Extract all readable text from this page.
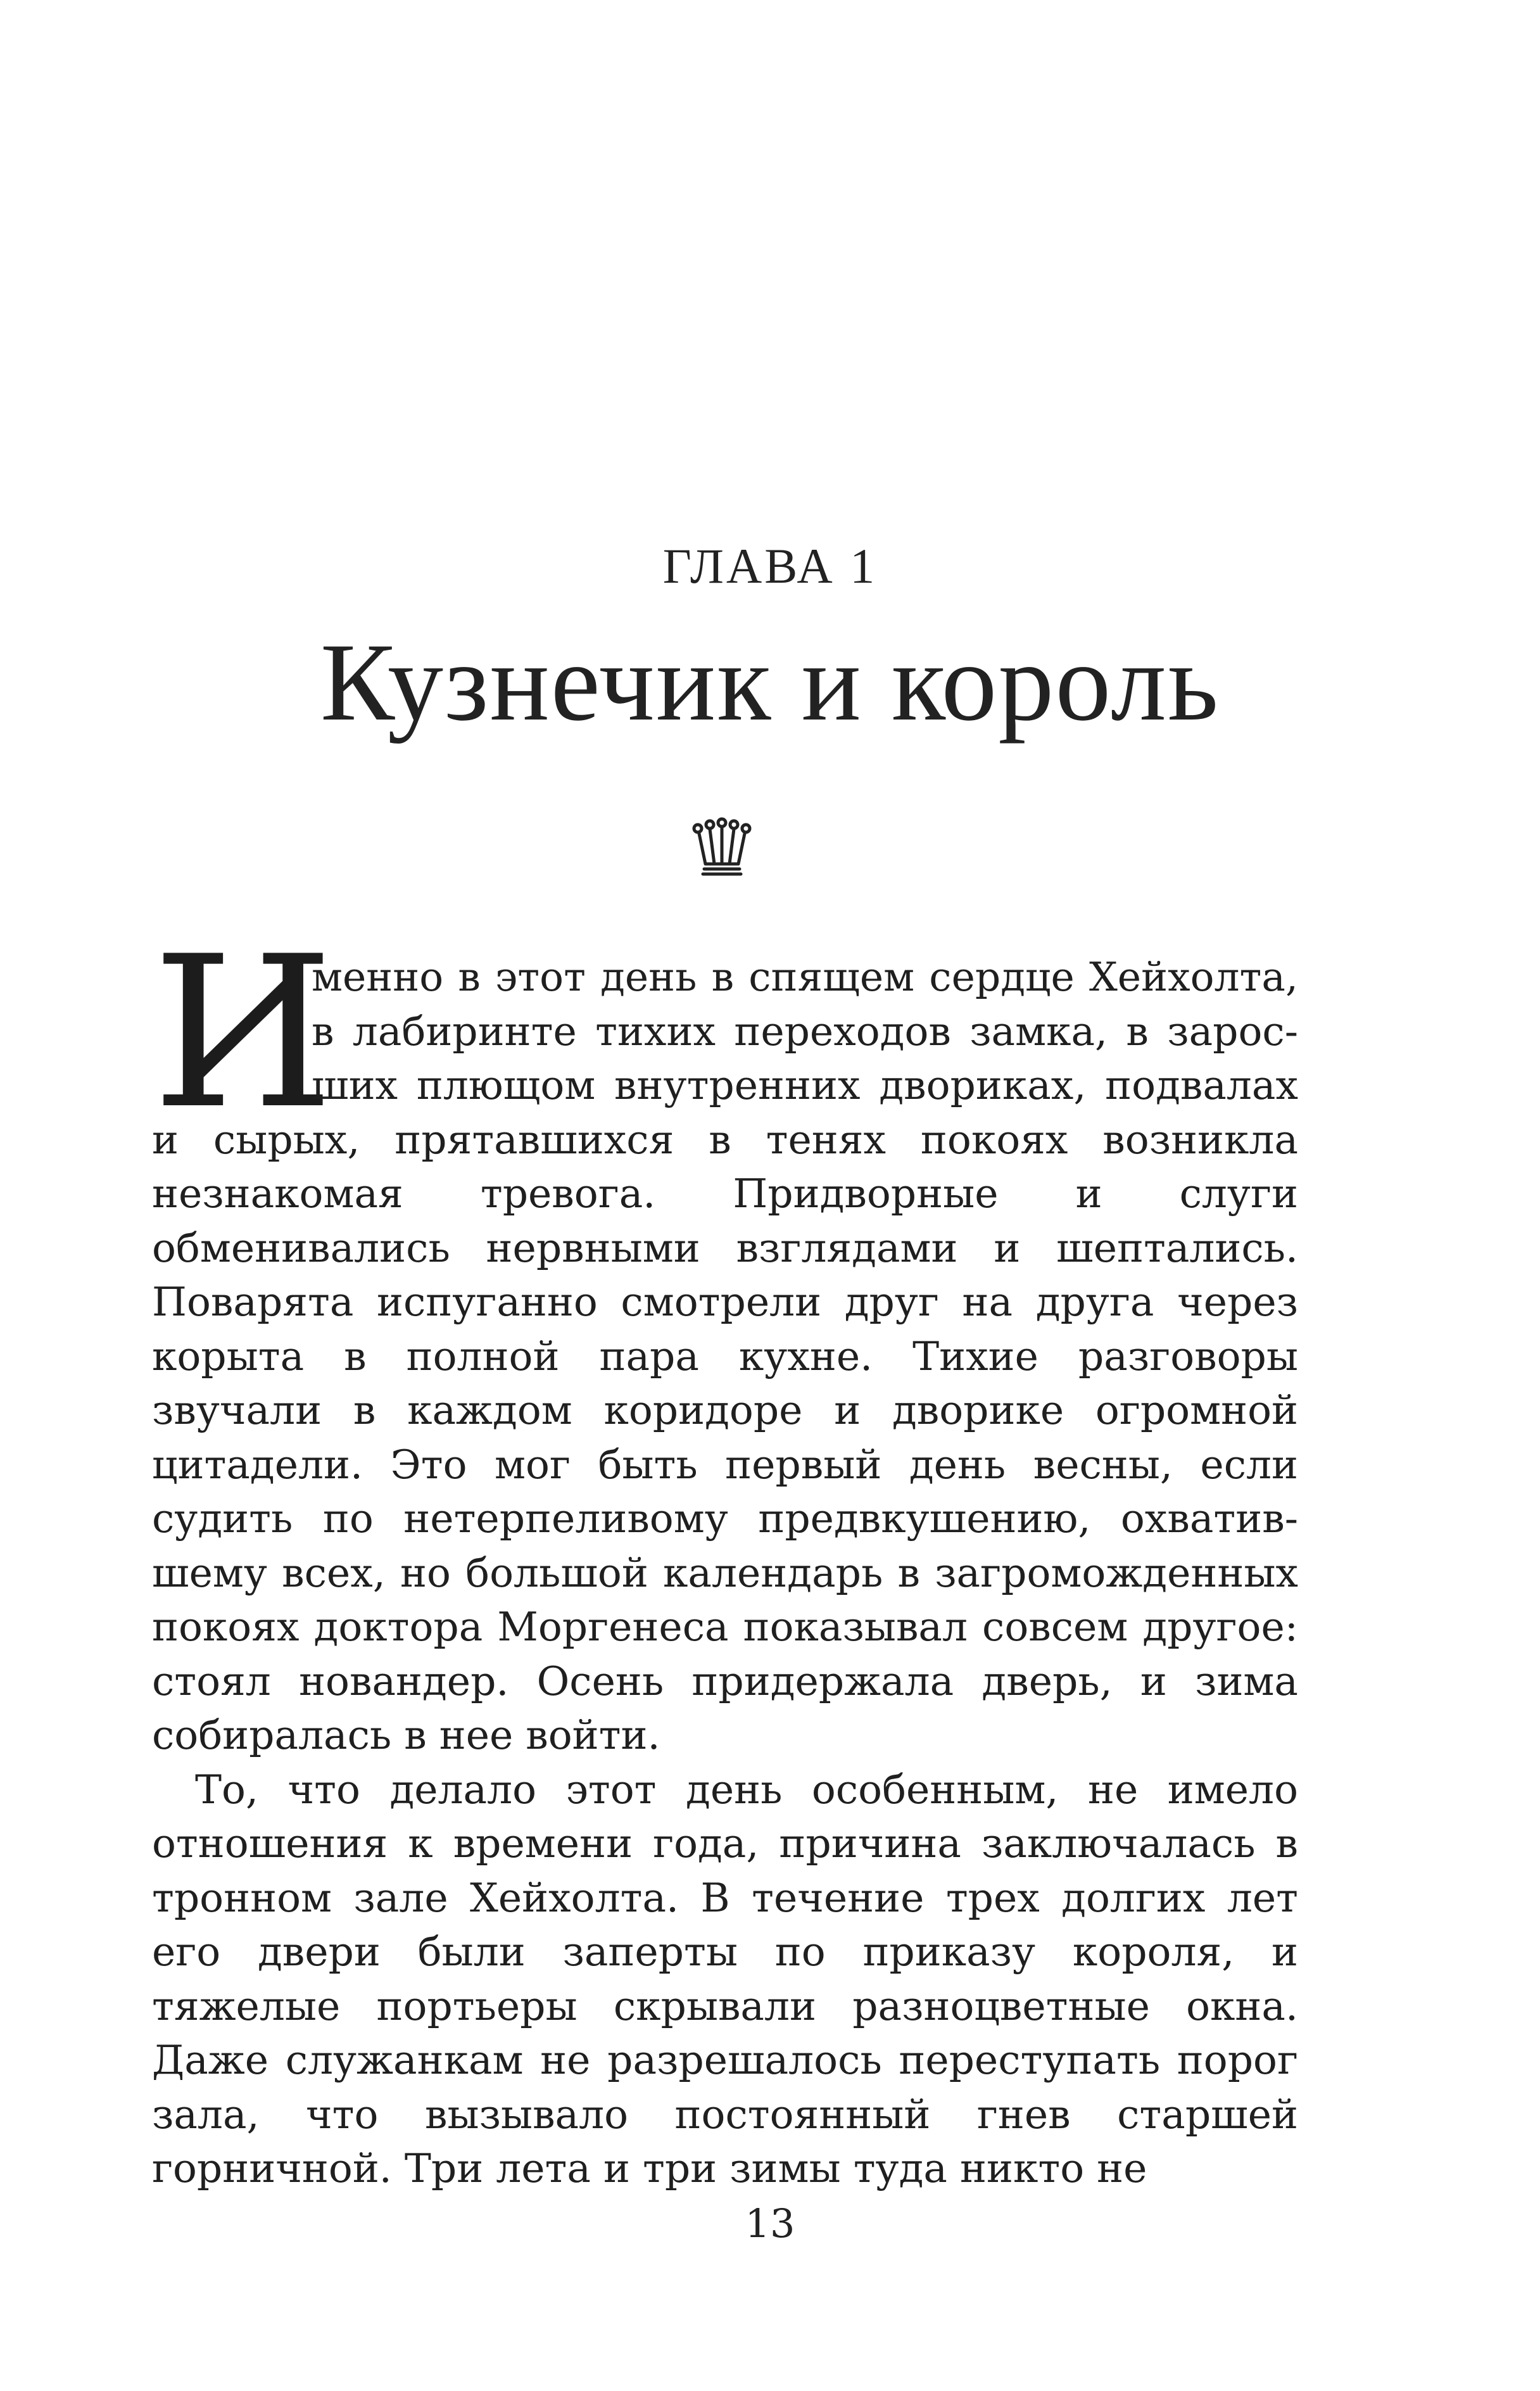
ГЛАВА 1
Кузнечик и король

И
менно в этот день в спящем сердце Хейхолта, в лабиринте тихих переходов замка, в заросших плющом внутренних двориках, подвалах и сырых, прятавшихся в тенях покоях возникла незнакомая тревога. Придворные и слуги обменивались нервными взглядами и шептались. Поварята испуганно смотрели друг на друга через корыта в полной пара кухне. Тихие разговоры звучали в каждом коридоре и дворике огромной цитадели. Это мог быть первый день весны, если судить по нетерпеливому предвкушению, охватившему всех, но большой календарь в загроможденных покоях доктора Моргенеса показывал совсем другое: стоял новандер. Осень придержала дверь, и зима собиралась в нее войти.

То, что делало этот день особенным, не имело отношения к времени года, причина заключалась в тронном зале Хейхолта. В течение трех долгих лет его двери были заперты по приказу короля, и тяжелые портьеры скрывали разноцветные окна. Даже служанкам не разрешалось переступать порог зала, что вызывало постоянный гнев старшей горничной. Три лета и три зимы туда никто не

13
